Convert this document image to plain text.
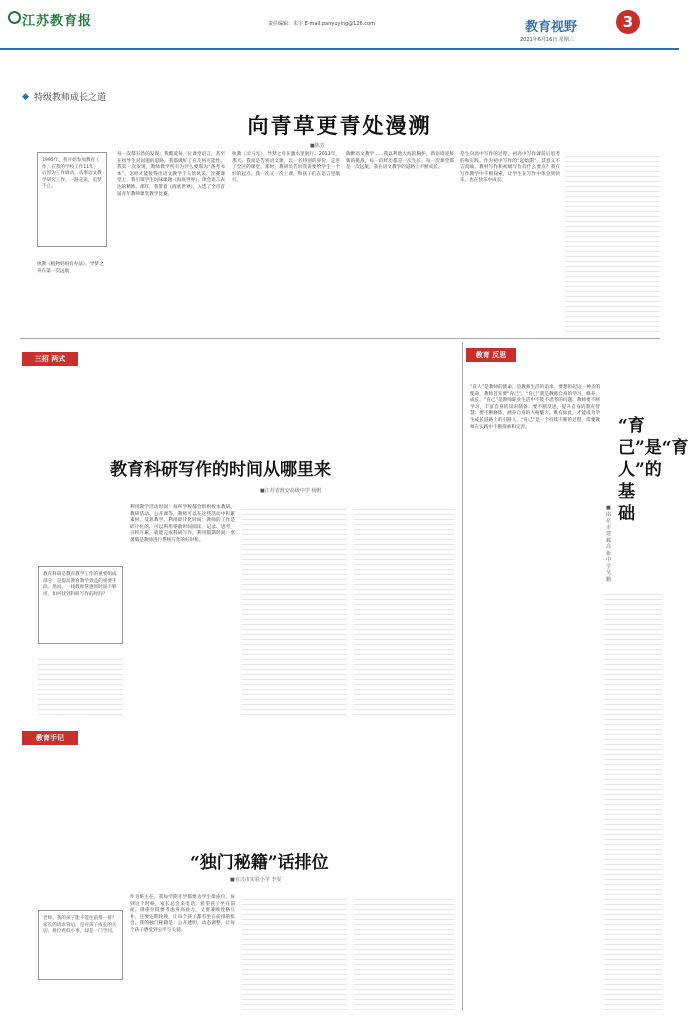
江苏教育报	责任编辑：朱宇 E-mail:panyuying@126.com	教育视野	3
2021年6月16日 星期三
◆ 特级教师成长之道
向青草更青处漫溯
■陈芳
1995年，我开始参加教育工作，在我的学校工作11年，后因为工作调动，从事语文教学研究工作，一路走来，追梦不止。
执教《植物妈妈有办法》，导梦之舟在第一次远航
每一次都有新的发现：我酷爱每一位课堂语言，甚至在指导生对问题的思路，我都做好了在几何可能性。我第一次发现，教师教学所有为什么要那为“备考书本”，怎样才能接得出语文教学个人的风采。比赛课堂上，我引领学生玩味课题《海底世界》，体会语言表达的精妙。那年，我带着《海底世界》，入选了全市首届青年教师课堂教学比赛。
执教《司马光》，导梦之舟在激水里航行。2013年，那天，我真是告别语文课，以一名特别的身份，走进了全区的课堂。那时，教研员告诉我说要给学生一个好的起点。我一次又一次上课，和孩子们在语言里航行。
陶醉语文教学……我以利他大海的胸怀，新语境迎接新的挑战。每一段经历都是一次生长，每一次课堂都是一次远航，我在语文教学的道路上不断成长。
是生向高中写作的过程，初高中写作课前后思考的和实践。作为初中写作的“起始期”，其意义不言而喻。教材写作和初级写作有什么要点？我在写作教学中不断探索，让学生在写作中体会到快乐，也在快乐中成长。
三招 两式
教育科研写作的时间从哪里来
■江苏省淮安高级中学 杨帆
教育科研是教育教学工作的重要组成部分，是提高教育教学效益的重要手段。然而，一线教师常感到时间不够用。如何找到科研写作的时间？
利用教学活动时间：每所学校都会组织校本教研、教研活动、公开课等，教师可以在这些活动中积累素材，反思教学。利用碎片化时间：教师的工作是碎片化的，可以利用零散时间阅读、记录、思考，日积月累，就能完成科研写作。利用假期时间：寒暑假是教师进行系统写作的好时机。
教育手记
“独门秘籍”话排位
■宜兴市实验小学 李雯
老师，我的孩子能不能往前排一排？家长的请求背后，是对孩子成长的关切。排位看似小事，却是一门学问。
作为班主任，我每学期开学都要为学生排座位。每到这个时候，家长总会来电话，希望孩子坐在前面。排座位既要考虑身高视力，又要兼顾性格互补，还要定期轮换，让每个孩子都有坐在前排的机会。我的独门秘籍是：公开透明，动态调整，让每个孩子感受到公平与关爱。
教育 反思
“育己”是“育人”的基础
■南京市建邺高新中学 吴鹏
“育人”是教师的使命，是教师生活的追求。要想担起这一神圣的使命，教师首先要“育己”。“育己”就是教师自身的学习、修养、成长。“育己”是教师职业生活中不能不思考的问题。教师要不断学习，丰富自身的知识储备；要不断反思，提升自身的教育智慧；要不断修炼，涵养自身的人格魅力。唯有如此，才能成为学生成长道路上的引路人。“育己”是一个持续不断的过程，需要教师在实践中不断探索和完善。
